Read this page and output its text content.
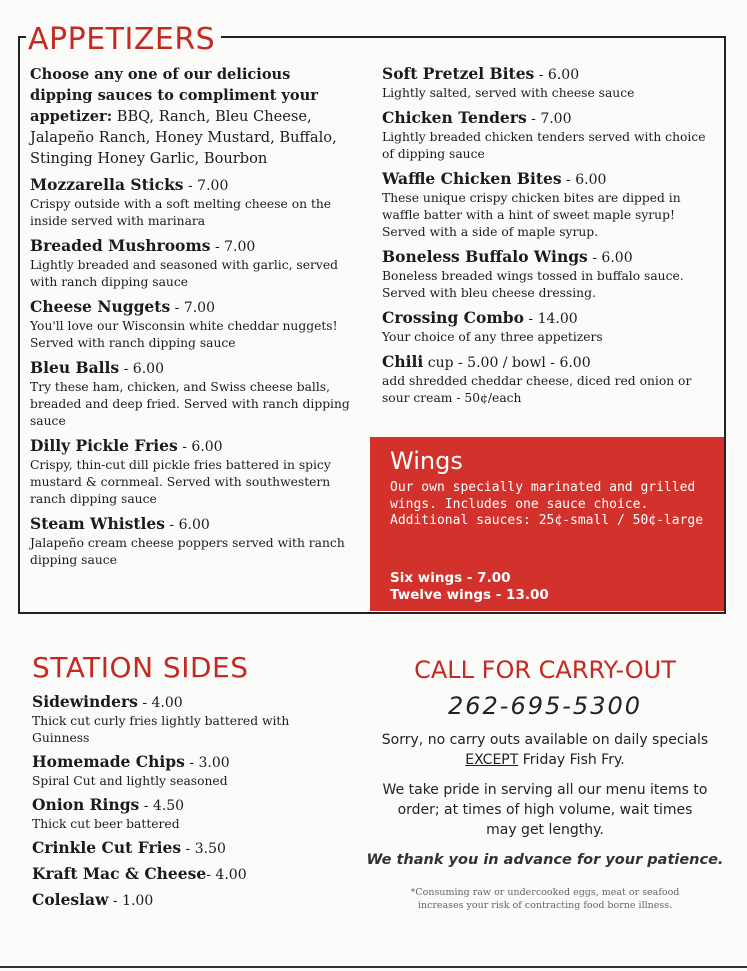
APPETIZERS

Choose any one of our delicious dipping sauces to compliment your appetizer: BBQ, Ranch, Bleu Cheese, Jalapeño Ranch, Honey Mustard, Buffalo, Stinging Honey Garlic, Bourbon

Mozzarella Sticks - 7.00
Crispy outside with a soft melting cheese on the inside served with marinara
Breaded Mushrooms - 7.00
Lightly breaded and seasoned with garlic, served with ranch dipping sauce
Cheese Nuggets - 7.00
You'll love our Wisconsin white cheddar nuggets! Served with ranch dipping sauce
Bleu Balls - 6.00
Try these ham, chicken, and Swiss cheese balls, breaded and deep fried. Served with ranch dipping sauce
Dilly Pickle Fries - 6.00
Crispy, thin-cut dill pickle fries battered in spicy mustard & cornmeal. Served with southwestern ranch dipping sauce
Steam Whistles - 6.00
Jalapeño cream cheese poppers served with ranch dipping sauce
Soft Pretzel Bites - 6.00
Lightly salted, served with cheese sauce
Chicken Tenders - 7.00
Lightly breaded chicken tenders served with choice of dipping sauce
Waffle Chicken Bites - 6.00
These unique crispy chicken bites are dipped in waffle batter with a hint of sweet maple syrup! Served with a side of maple syrup.
Boneless Buffalo Wings - 6.00
Boneless breaded wings tossed in buffalo sauce. Served with bleu cheese dressing.
Crossing Combo - 14.00
Your choice of any three appetizers
Chili cup - 5.00 / bowl - 6.00
add shredded cheddar cheese, diced red onion or sour cream - 50¢/each
Wings
Our own specially marinated and grilled wings. Includes one sauce choice.
Additional sauces: 25¢-small / 50¢-large
Six wings - 7.00
Twelve wings - 13.00
STATION SIDES
Sidewinders - 4.00
Thick cut curly fries lightly battered with Guinness
Homemade Chips - 3.00
Spiral Cut and lightly seasoned
Onion Rings - 4.50
Thick cut beer battered
Crinkle Cut Fries - 3.50
Kraft Mac & Cheese- 4.00
Coleslaw - 1.00
CALL FOR CARRY-OUT
262-695-5300
Sorry, no carry outs available on daily specials
EXCEPT Friday Fish Fry.
We take pride in serving all our menu items to order; at times of high volume, wait times may get lengthy.
We thank you in advance for your patience.
*Consuming raw or undercooked eggs, meat or seafood increases your risk of contracting food borne illness.
